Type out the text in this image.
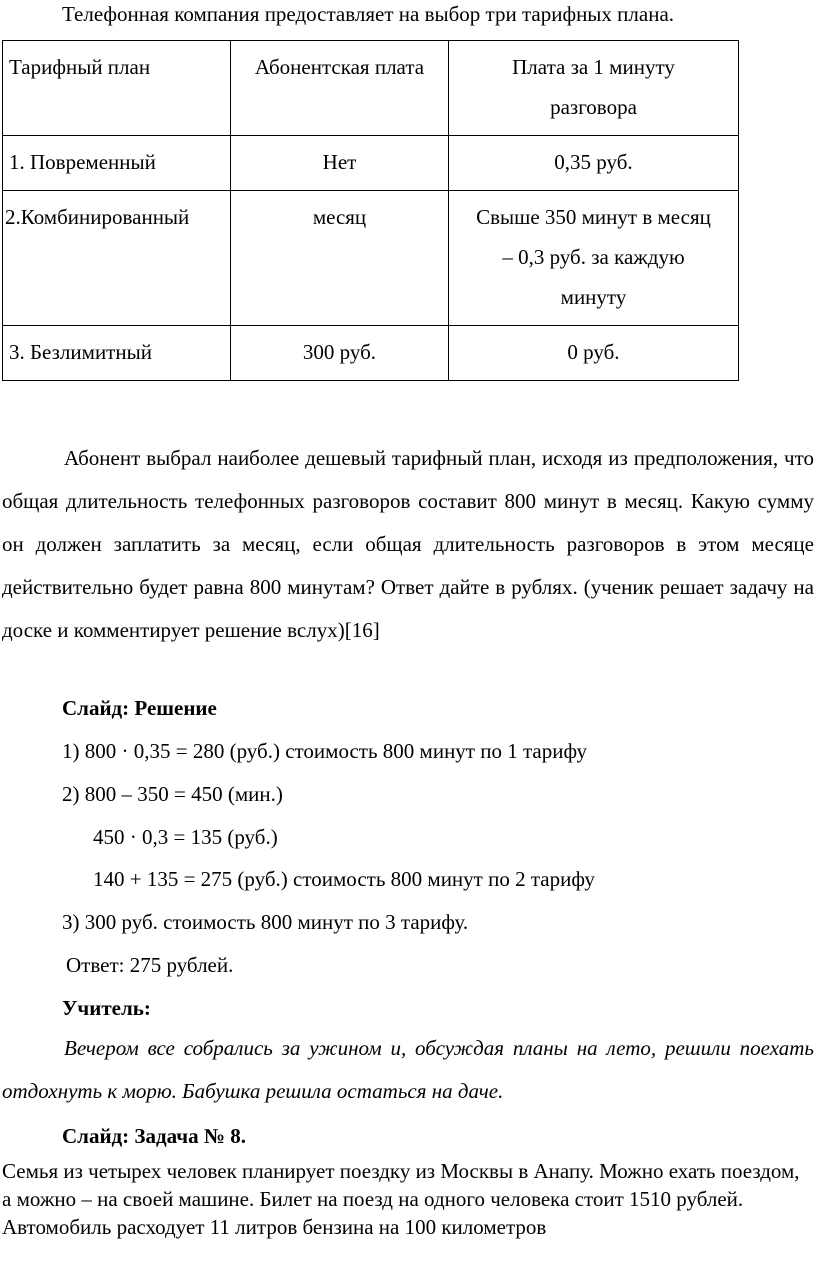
Телефонная компания предоставляет на выбор три тарифных плана.
Тарифный план	Абонентская плата	Плата за 1 минуту
разговора

1. Повременный	Нет	0,35 руб.
2.Комбинированный	месяц	Свыше 350 минут в месяц
– 0,3 руб. за каждую
минуту

3. Безлимитный	300 руб.	0 руб.
Абонент выбрал наиболее дешевый тарифный план, исходя из предположения, что общая длительность телефонных разговоров составит 800 минут в месяц. Какую сумму он должен заплатить за месяц, если общая длительность разговоров в этом месяце действительно будет равна 800 минутам? Ответ дайте в рублях. (ученик решает задачу на доске и комментирует решение вслух)[16]
Слайд: Решение
1) 800 · 0,35 = 280 (руб.) стоимость 800 минут по 1 тарифу
2) 800 – 350 = 450 (мин.)
450 · 0,3 = 135 (руб.)
140 + 135 = 275 (руб.) стоимость 800 минут по 2 тарифу
3) 300 руб. стоимость 800 минут по 3 тарифу.
Ответ: 275 рублей.
Учитель:
Вечером все собрались за ужином и, обсуждая планы на лето, решили поехать отдохнуть к морю. Бабушка решила остаться на даче.
Слайд: Задача № 8.
Семья из четырех человек планирует поездку из Москвы в Анапу. Можно ехать поездом, а можно – на своей машине. Билет на поезд на одного человека стоит 1510 рублей. Автомобиль расходует 11 литров бензина на 100 километров
